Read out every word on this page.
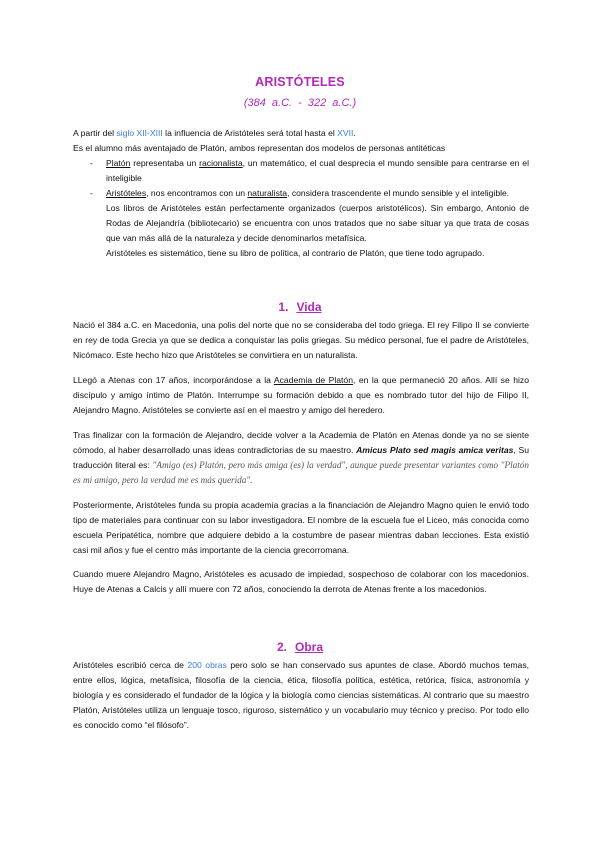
ARISTÓTELES
(384 a.C. - 322 a.C.)
A partir del siglo XII-XIII la influencia de Aristóteles será total hasta el XVII.
Es el alumno más aventajado de Platón, ambos representan dos modelos de personas antitéticas
- Platón representaba un racionalista, un matemático, el cual desprecia el mundo sensible para centrarse en el inteligible
- Aristóteles, nos encontramos con un naturalista, considera trascendente el mundo sensible y el inteligible.
Los libros de Aristóteles están perfectamente organizados (cuerpos aristotélicos). Sin embargo, Antonio de Rodas de Alejandría (bibliotecario) se encuentra con unos tratados que no sabe situar ya que trata de cosas que van más allá de la naturaleza y decide denominarlos metafísica.
Aristóteles es sistemático, tiene su libro de política, al contrario de Platón, que tiene todo agrupado.
1. Vida
Nació el 384 a.C. en Macedonia, una polis del norte que no se consideraba del todo griega. El rey Filipo II se convierte en rey de toda Grecia ya que se dedica a conquistar las polis griegas. Su médico personal, fue el padre de Aristóteles, Nicómaco. Este hecho hizo que Aristóteles se convirtiera en un naturalista.
LLegó a Atenas con 17 años, incorporándose a la Academia de Platón, en la que permaneció 20 años. Allí se hizo discípulo y amigo íntimo de Platón. Interrumpe su formación debido a que es nombrado tutor del hijo de Filipo II, Alejandro Magno. Aristóteles se convierte así en el maestro y amigo del heredero.
Tras finalizar con la formación de Alejandro, decide volver a la Academia de Platón en Atenas donde ya no se siente cómodo, al haber desarrollado unas ideas contradictorias de su maestro. Amicus Plato sed magis amica veritas, Su traducción literal es: "Amigo (es) Platón, pero más amiga (es) la verdad", aunque puede presentar variantes como "Platón es mi amigo, pero la verdad me es más querida".
Posteriormente, Aristóteles funda su propia academia gracias a la financiación de Alejandro Magno quien le envió todo tipo de materiales para continuar con su labor investigadora. El nombre de la escuela fue el Liceo, más conocida como escuela Peripatética, nombre que adquiere debido a la costumbre de pasear mientras daban lecciones. Esta existió casi mil años y fue el centro más importante de la ciencia grecorromana.
Cuando muere Alejandro Magno, Aristóteles es acusado de impiedad, sospechoso de colaborar con los macedonios. Huye de Atenas a Calcis y allí muere con 72 años, conociendo la derrota de Atenas frente a los macedonios.
2. Obra
Aristóteles escribió cerca de 200 obras pero solo se han conservado sus apuntes de clase. Abordó muchos temas, entre ellos, lógica, metafísica, filosofía de la ciencia, ética, filosofía política, estética, retórica, física, astronomía y biología y es considerado el fundador de la lógica y la biología como ciencias sistemáticas. Al contrario que su maestro Platón, Aristóteles utiliza un lenguaje tosco, riguroso, sistemático y un vocabulario muy técnico y preciso. Por todo ello es conocido como “el filósofo”.
